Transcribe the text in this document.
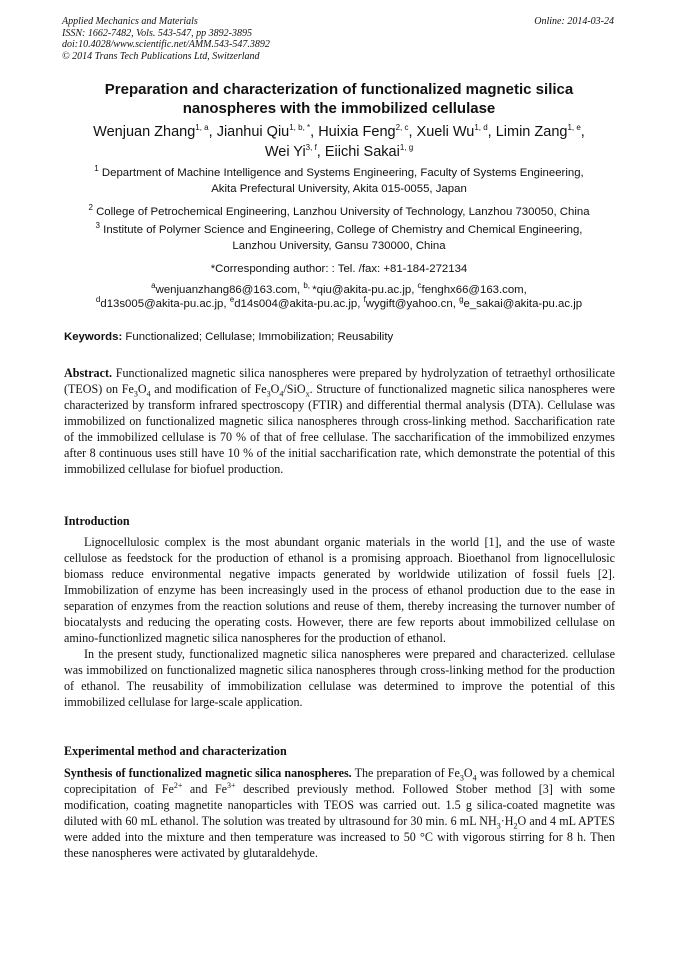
Applied Mechanics and Materials
ISSN: 1662-7482, Vols. 543-547, pp 3892-3895
doi:10.4028/www.scientific.net/AMM.543-547.3892
© 2014 Trans Tech Publications Ltd, Switzerland
Online: 2014-03-24
Preparation and characterization of functionalized magnetic silica
nanospheres with the immobilized cellulase
Wenjuan Zhang$^{1, a}$, Jianhui Qiu$^{1, b, *}$, Huixia Feng$^{2, c}$, Xueli Wu$^{1, d}$, Limin Zang$^{1, e}$,
Wei Yi$^{3, f}$, Eiichi Sakai$^{1, g}$
$^1$ Department of Machine Intelligence and Systems Engineering, Faculty of Systems Engineering,
Akita Prefectural University, Akita 015-0055, Japan
$^2$ College of Petrochemical Engineering, Lanzhou University of Technology, Lanzhou 730050, China
$^3$ Institute of Polymer Science and Engineering, College of Chemistry and Chemical Engineering,
Lanzhou University, Gansu 730000, China
*Corresponding author: : Tel. /fax: +81-184-272134
$^a$wenjuanzhang86@163.com, $^{b,}$ *qiu@akita-pu.ac.jp, $^c$fenghx66@163.com,
$^d$d13s005@akita-pu.ac.jp, $^e$d14s004@akita-pu.ac.jp, $^f$wygift@yahoo.cn, $^g$e_sakai@akita-pu.ac.jp
Keywords: Functionalized; Cellulase; Immobilization; Reusability

Abstract. Functionalized magnetic silica nanospheres were prepared by hydrolyzation of tetraethyl orthosilicate (TEOS) on $Fe_3O_4$ and modification of $Fe_3O_4/SiO_x$. Structure of functionalized magnetic silica nanospheres were characterized by transform infrared spectroscopy (FTIR) and differential thermal analysis (DTA). Cellulase was immobilized on functionalized magnetic silica nanospheres through cross-linking method. Saccharification rate of the immobilized cellulase is 70 % of that of free cellulase. The saccharification of the immobilized enzymes after 8 continuous uses still have 10 % of the initial saccharification rate, which demonstrate the potential of this immobilized cellulase for biofuel production.

Introduction

Lignocellulosic complex is the most abundant organic materials in the world [1], and the use of waste cellulose as feedstock for the production of ethanol is a promising approach. Bioethanol from lignocellulosic biomass reduce environmental negative impacts generated by worldwide utilization of fossil fuels [2]. Immobilization of enzyme has been increasingly used in the process of ethanol production due to the ease in separation of enzymes from the reaction solutions and reuse of them, thereby increasing the turnover number of biocatalysts and reducing the operating costs. However, there are few reports about immobilized cellulase on amino-functionlized magnetic silica nanospheres for the production of ethanol.

In the present study, functionalized magnetic silica nanospheres were prepared and characterized. cellulase was immobilized on functionalized magnetic silica nanospheres through cross-linking method for the production of ethanol. The reusability of immobilization cellulase was determined to improve the potential of this immobilized cellulase for large-scale application.

Experimental method and characterization

Synthesis of functionalized magnetic silica nanospheres. The preparation of $Fe_3O_4$ was followed by a chemical coprecipitation of $Fe^{2+}$ and $Fe^{3+}$ described previously method. Followed Stober method [3] with some modification, coating magnetite nanoparticles with TEOS was carried out. 1.5 g silica-coated magnetite was diluted with 60 mL ethanol. The solution was treated by ultrasound for 30 min. 6 mL $NH_3\cdot H_2O$ and 4 mL APTES were added into the mixture and then temperature was increased to 50 °C with vigorous stirring for 8 h. Then these nanospheres were activated by glutaraldehyde.
